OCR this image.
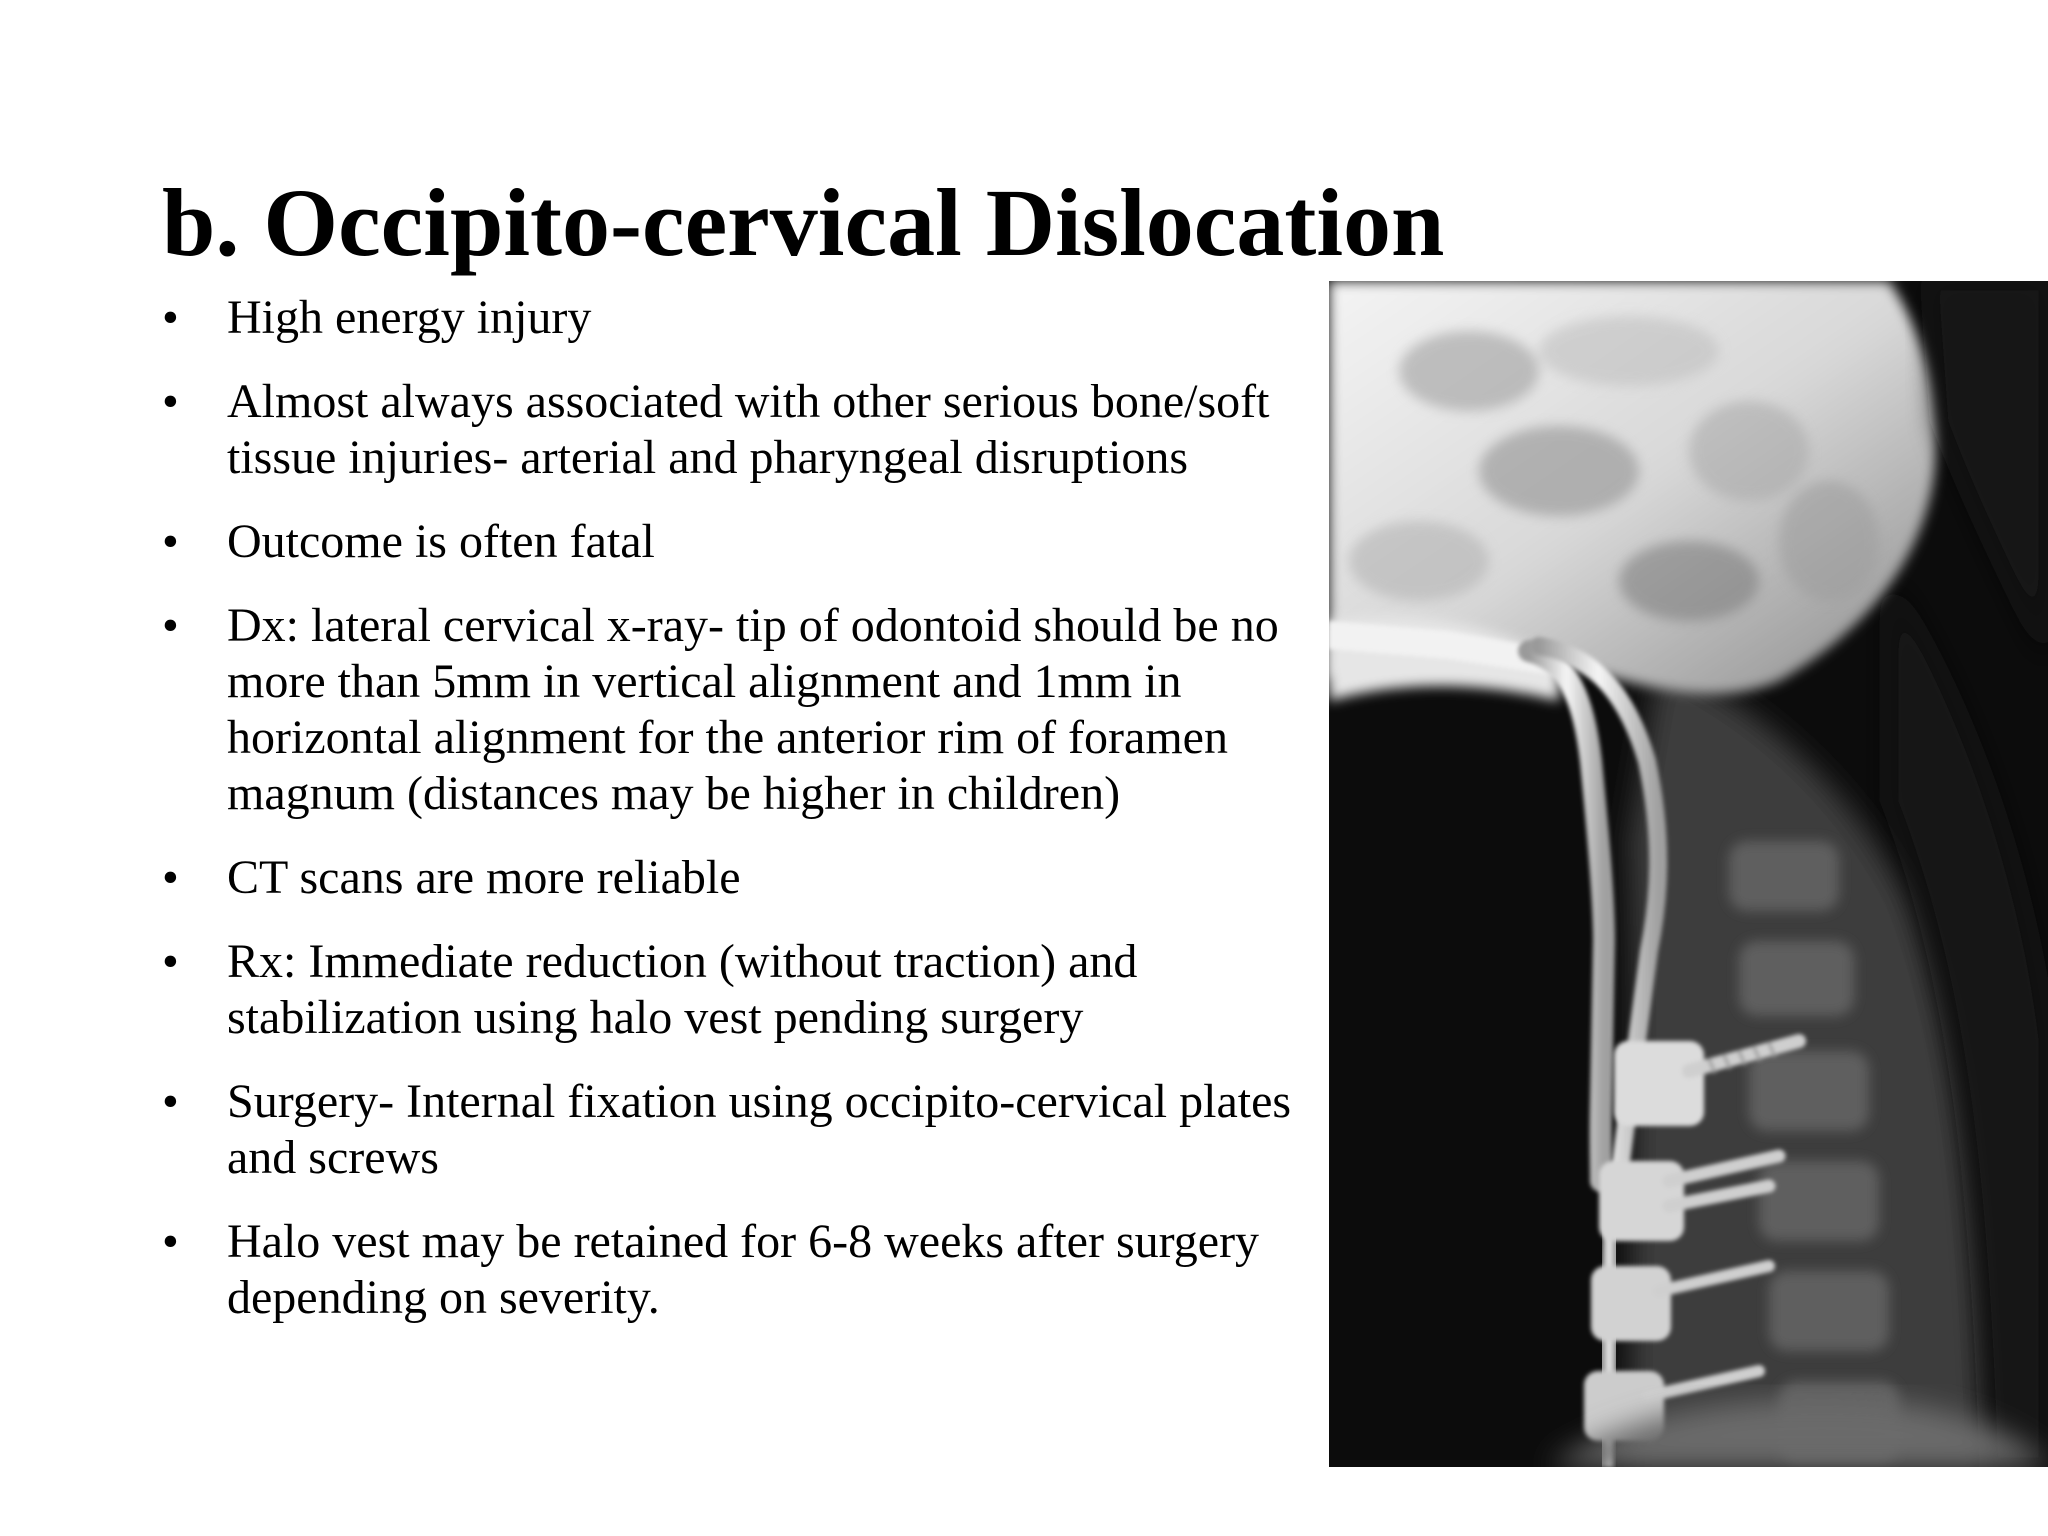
b. Occipito-cervical Dislocation
• High energy injury
• Almost always associated with other serious bone/soft tissue injuries- arterial and pharyngeal disruptions
• Outcome is often fatal
• Dx: lateral cervical x-ray- tip of odontoid should be no more than 5mm in vertical alignment and 1mm in horizontal alignment for the anterior rim of foramen magnum (distances may be higher in children)
• CT scans are more reliable
• Rx: Immediate reduction (without traction) and stabilization using halo vest pending surgery
• Surgery- Internal fixation using occipito-cervical plates and screws
• Halo vest may be retained for 6-8 weeks after surgery depending on severity.
